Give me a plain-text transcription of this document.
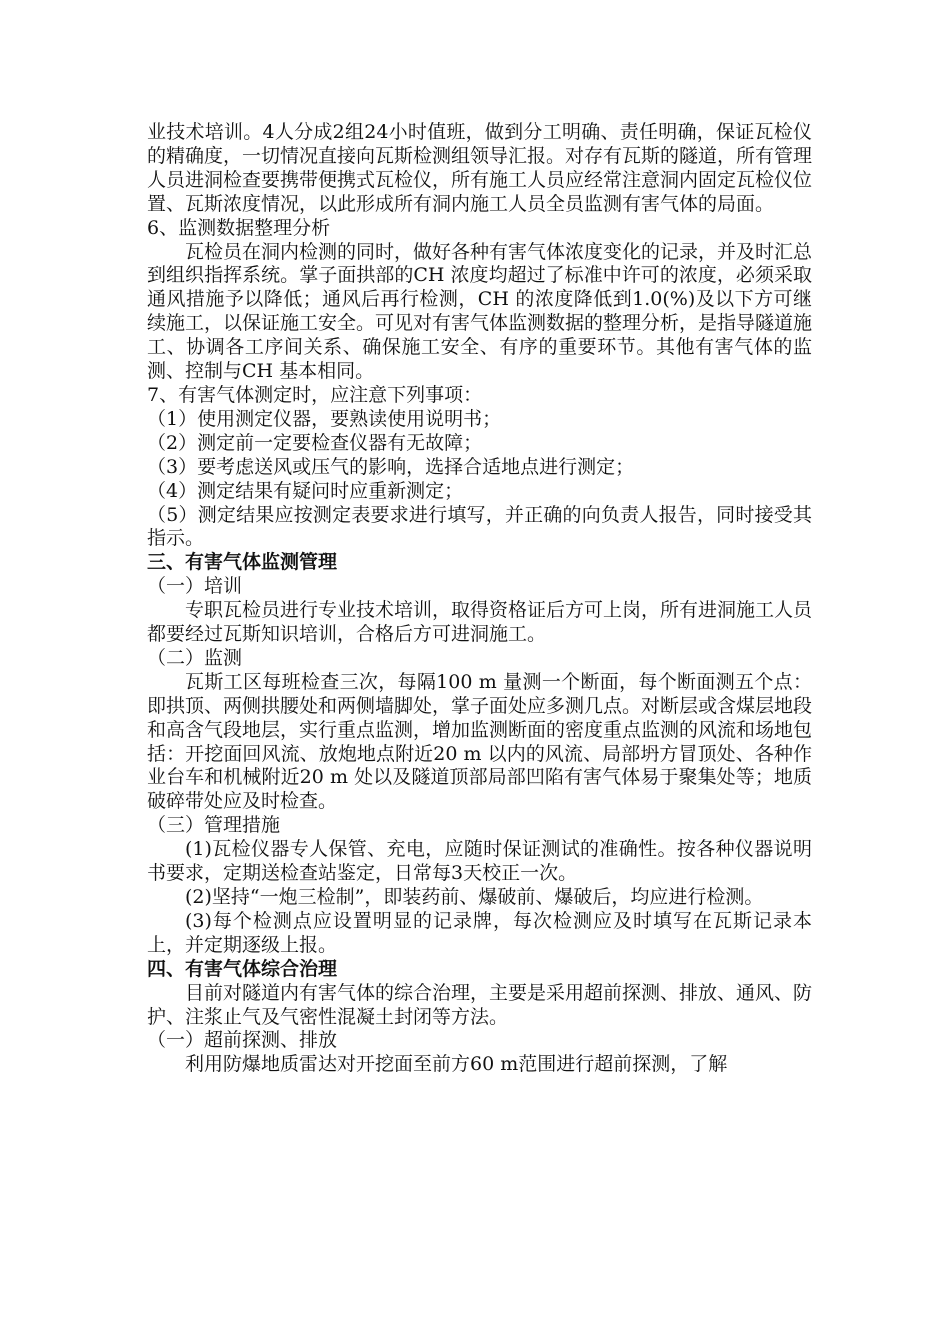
业技术培训。4人分成2组24小时值班，做到分工明确、责任明确，保证瓦检仪的精确度，一切情况直接向瓦斯检测组领导汇报。对存有瓦斯的隧道，所有管理人员进洞检查要携带便携式瓦检仪，所有施工人员应经常注意洞内固定瓦检仪位置、瓦斯浓度情况，以此形成所有洞内施工人员全员监测有害气体的局面。

6、监测数据整理分析

瓦检员在洞内检测的同时，做好各种有害气体浓度变化的记录，并及时汇总到组织指挥系统。掌子面拱部的CH 浓度均超过了标准中许可的浓度，必须采取通风措施予以降低；通风后再行检测，CH 的浓度降低到1.0(%)及以下方可继续施工，以保证施工安全。可见对有害气体监测数据的整理分析，是指导隧道施工、协调各工序间关系、确保施工安全、有序的重要环节。其他有害气体的监测、控制与CH 基本相同。

7、有害气体测定时，应注意下列事项：

（1）使用测定仪器，要熟读使用说明书；

（2）测定前一定要检查仪器有无故障；

（3）要考虑送风或压气的影响，选择合适地点进行测定；

（4）测定结果有疑问时应重新测定；

（5）测定结果应按测定表要求进行填写，并正确的向负责人报告，同时接受其指示。

三、有害气体监测管理

（一）培训

专职瓦检员进行专业技术培训，取得资格证后方可上岗，所有进洞施工人员都要经过瓦斯知识培训，合格后方可进洞施工。

（二）监测

瓦斯工区每班检查三次，每隔100 m 量测一个断面，每个断面测五个点：即拱顶、两侧拱腰处和两侧墙脚处，掌子面处应多测几点。对断层或含煤层地段和高含气段地层，实行重点监测，增加监测断面的密度重点监测的风流和场地包括：开挖面回风流、放炮地点附近20 m 以内的风流、局部坍方冒顶处、各种作业台车和机械附近20 m 处以及隧道顶部局部凹陷有害气体易于聚集处等；地质破碎带处应及时检查。

（三）管理措施

(1)瓦检仪器专人保管、充电，应随时保证测试的准确性。按各种仪器说明书要求，定期送检查站鉴定，日常每3天校正一次。

(2)坚持“一炮三检制”，即装药前、爆破前、爆破后，均应进行检测。

(3)每个检测点应设置明显的记录牌，每次检测应及时填写在瓦斯记录本上，并定期逐级上报。

四、有害气体综合治理

目前对隧道内有害气体的综合治理，主要是采用超前探测、排放、通风、防护、注浆止气及气密性混凝土封闭等方法。

（一）超前探测、排放

利用防爆地质雷达对开挖面至前方60 m范围进行超前探测，了解
